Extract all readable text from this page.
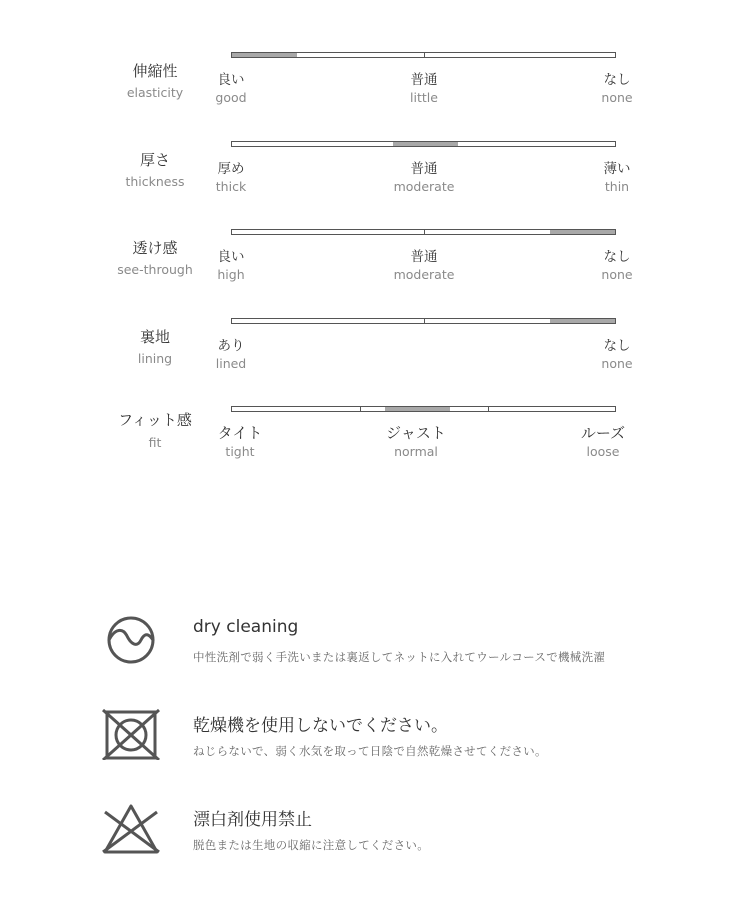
伸縮性
elasticity
良い
good
普通
little
なし
none
厚さ
thickness
厚め
thick
普通
moderate
薄い
thin
透け感
see-through
良い
high
普通
moderate
なし
none
裏地
lining
あり
lined
なし
none
フィット感
fit
タイト
tight
ジャスト
normal
ルーズ
loose
dry cleaning
中性洗剤で弱く手洗いまたは裏返してネットに入れてウールコースで機械洗濯
乾燥機を使用しないでください。
ねじらないで、弱く水気を取って日陰で自然乾燥させてください。
漂白剤使用禁止
脱色または生地の収縮に注意してください。
